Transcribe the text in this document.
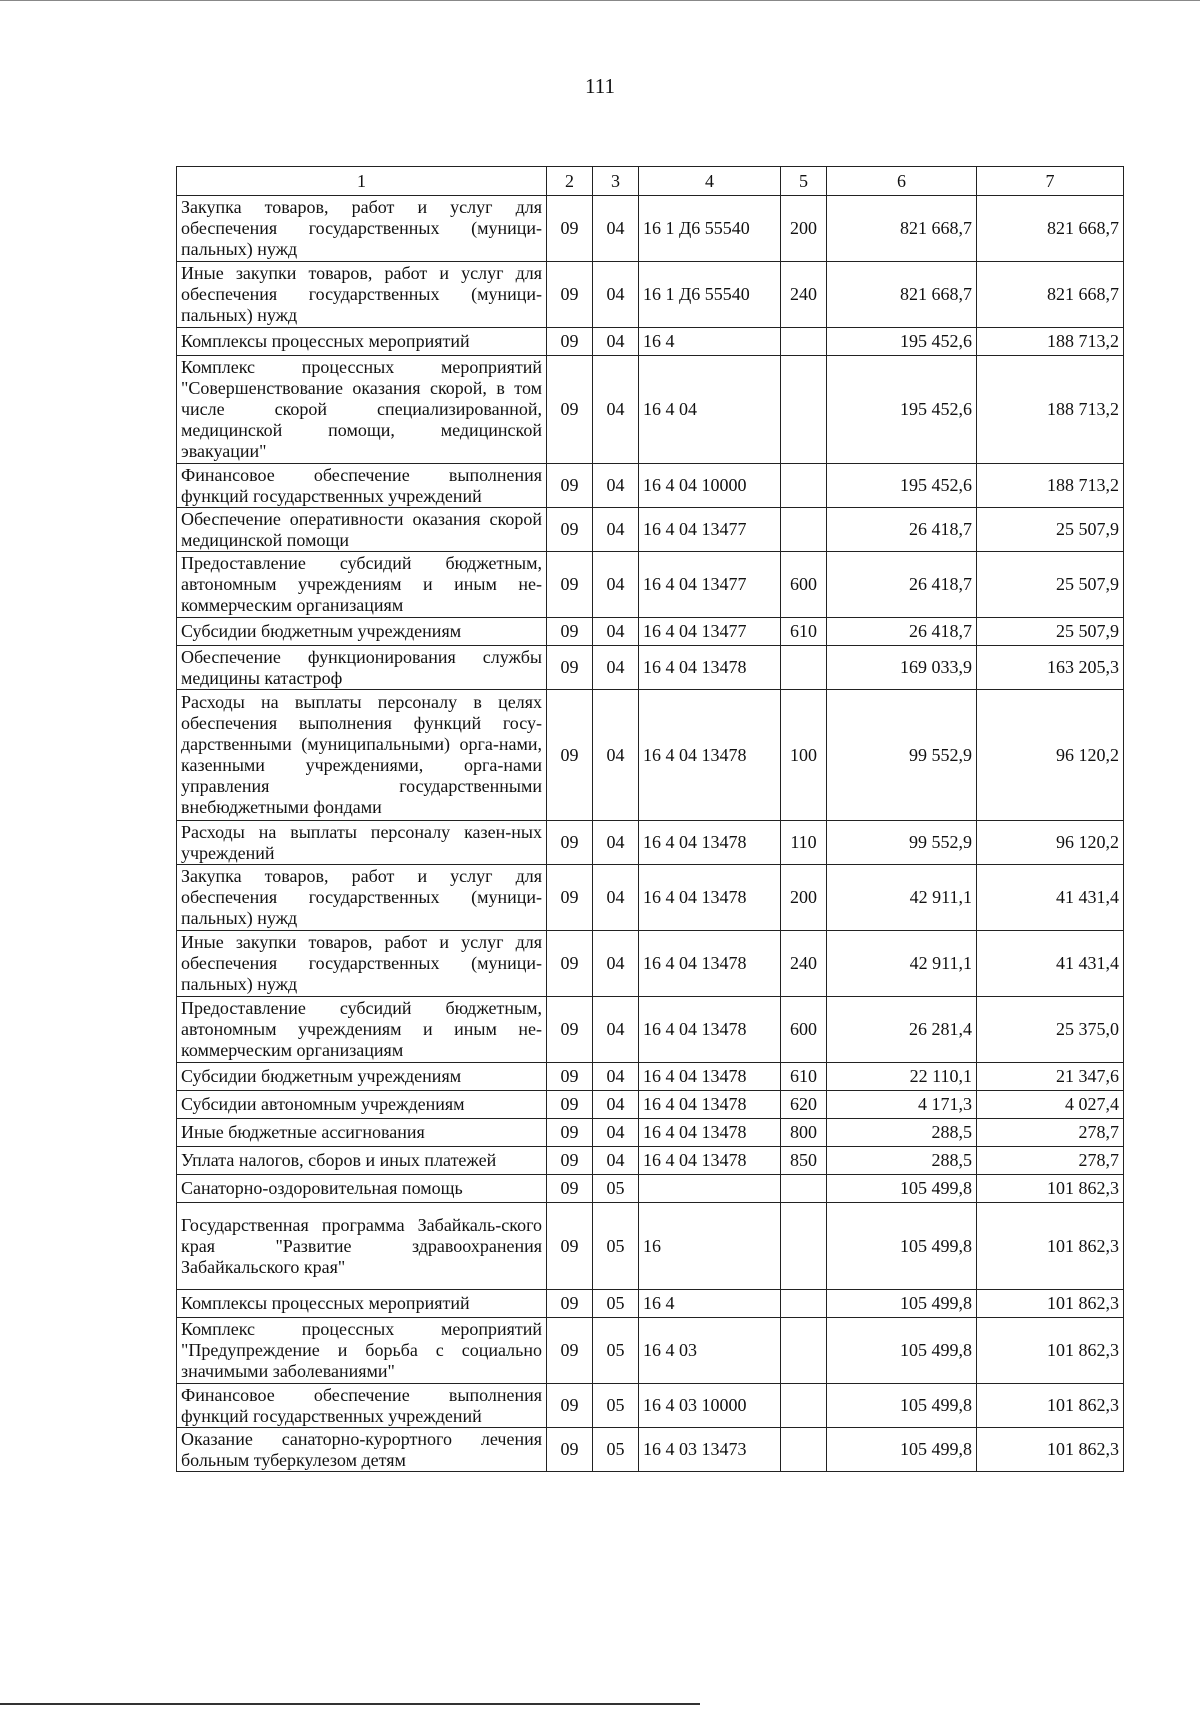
111
1	2	3	4	5	6	7
Закупка товаров, работ и услуг для обеспечения государственных (муници-пальных) нужд	09	04	16 1 Д6 55540	200	821 668,7	821 668,7
Иные закупки товаров, работ и услуг для обеспечения государственных (муници-пальных) нужд	09	04	16 1 Д6 55540	240	821 668,7	821 668,7
Комплексы процессных мероприятий	09	04	16 4		195 452,6	188 713,2
Комплекс процессных мероприятий "Совершенствование оказания скорой, в том числе скорой специализированной, медицинской помощи, медицинской эвакуации"	09	04	16 4 04		195 452,6	188 713,2
Финансовое обеспечение выполнения функций государственных учреждений	09	04	16 4 04 10000		195 452,6	188 713,2
Обеспечение оперативности оказания скорой медицинской помощи	09	04	16 4 04 13477		26 418,7	25 507,9
Предоставление субсидий бюджетным, автономным учреждениям и иным не-коммерческим организациям	09	04	16 4 04 13477	600	26 418,7	25 507,9
Субсидии бюджетным учреждениям	09	04	16 4 04 13477	610	26 418,7	25 507,9
Обеспечение функционирования службы медицины катастроф	09	04	16 4 04 13478		169 033,9	163 205,3
Расходы на выплаты персоналу в целях обеспечения выполнения функций госу-дарственными (муниципальными) орга-нами, казенными учреждениями, орга-нами управления государственными внебюджетными фондами	09	04	16 4 04 13478	100	99 552,9	96 120,2
Расходы на выплаты персоналу казен-ных учреждений	09	04	16 4 04 13478	110	99 552,9	96 120,2
Закупка товаров, работ и услуг для обеспечения государственных (муници-пальных) нужд	09	04	16 4 04 13478	200	42 911,1	41 431,4
Иные закупки товаров, работ и услуг для обеспечения государственных (муници-пальных) нужд	09	04	16 4 04 13478	240	42 911,1	41 431,4
Предоставление субсидий бюджетным, автономным учреждениям и иным не-коммерческим организациям	09	04	16 4 04 13478	600	26 281,4	25 375,0
Субсидии бюджетным учреждениям	09	04	16 4 04 13478	610	22 110,1	21 347,6
Субсидии автономным учреждениям	09	04	16 4 04 13478	620	4 171,3	4 027,4
Иные бюджетные ассигнования	09	04	16 4 04 13478	800	288,5	278,7
Уплата налогов, сборов и иных платежей	09	04	16 4 04 13478	850	288,5	278,7
Санаторно-оздоровительная помощь	09	05			105 499,8	101 862,3
Государственная программа Забайкаль-ского края "Развитие здравоохранения Забайкальского края"	09	05	16		105 499,8	101 862,3
Комплексы процессных мероприятий	09	05	16 4		105 499,8	101 862,3
Комплекс процессных мероприятий "Предупреждение и борьба с социально значимыми заболеваниями"	09	05	16 4 03		105 499,8	101 862,3
Финансовое обеспечение выполнения функций государственных учреждений	09	05	16 4 03 10000		105 499,8	101 862,3
Оказание санаторно-курортного лечения больным туберкулезом детям	09	05	16 4 03 13473		105 499,8	101 862,3
